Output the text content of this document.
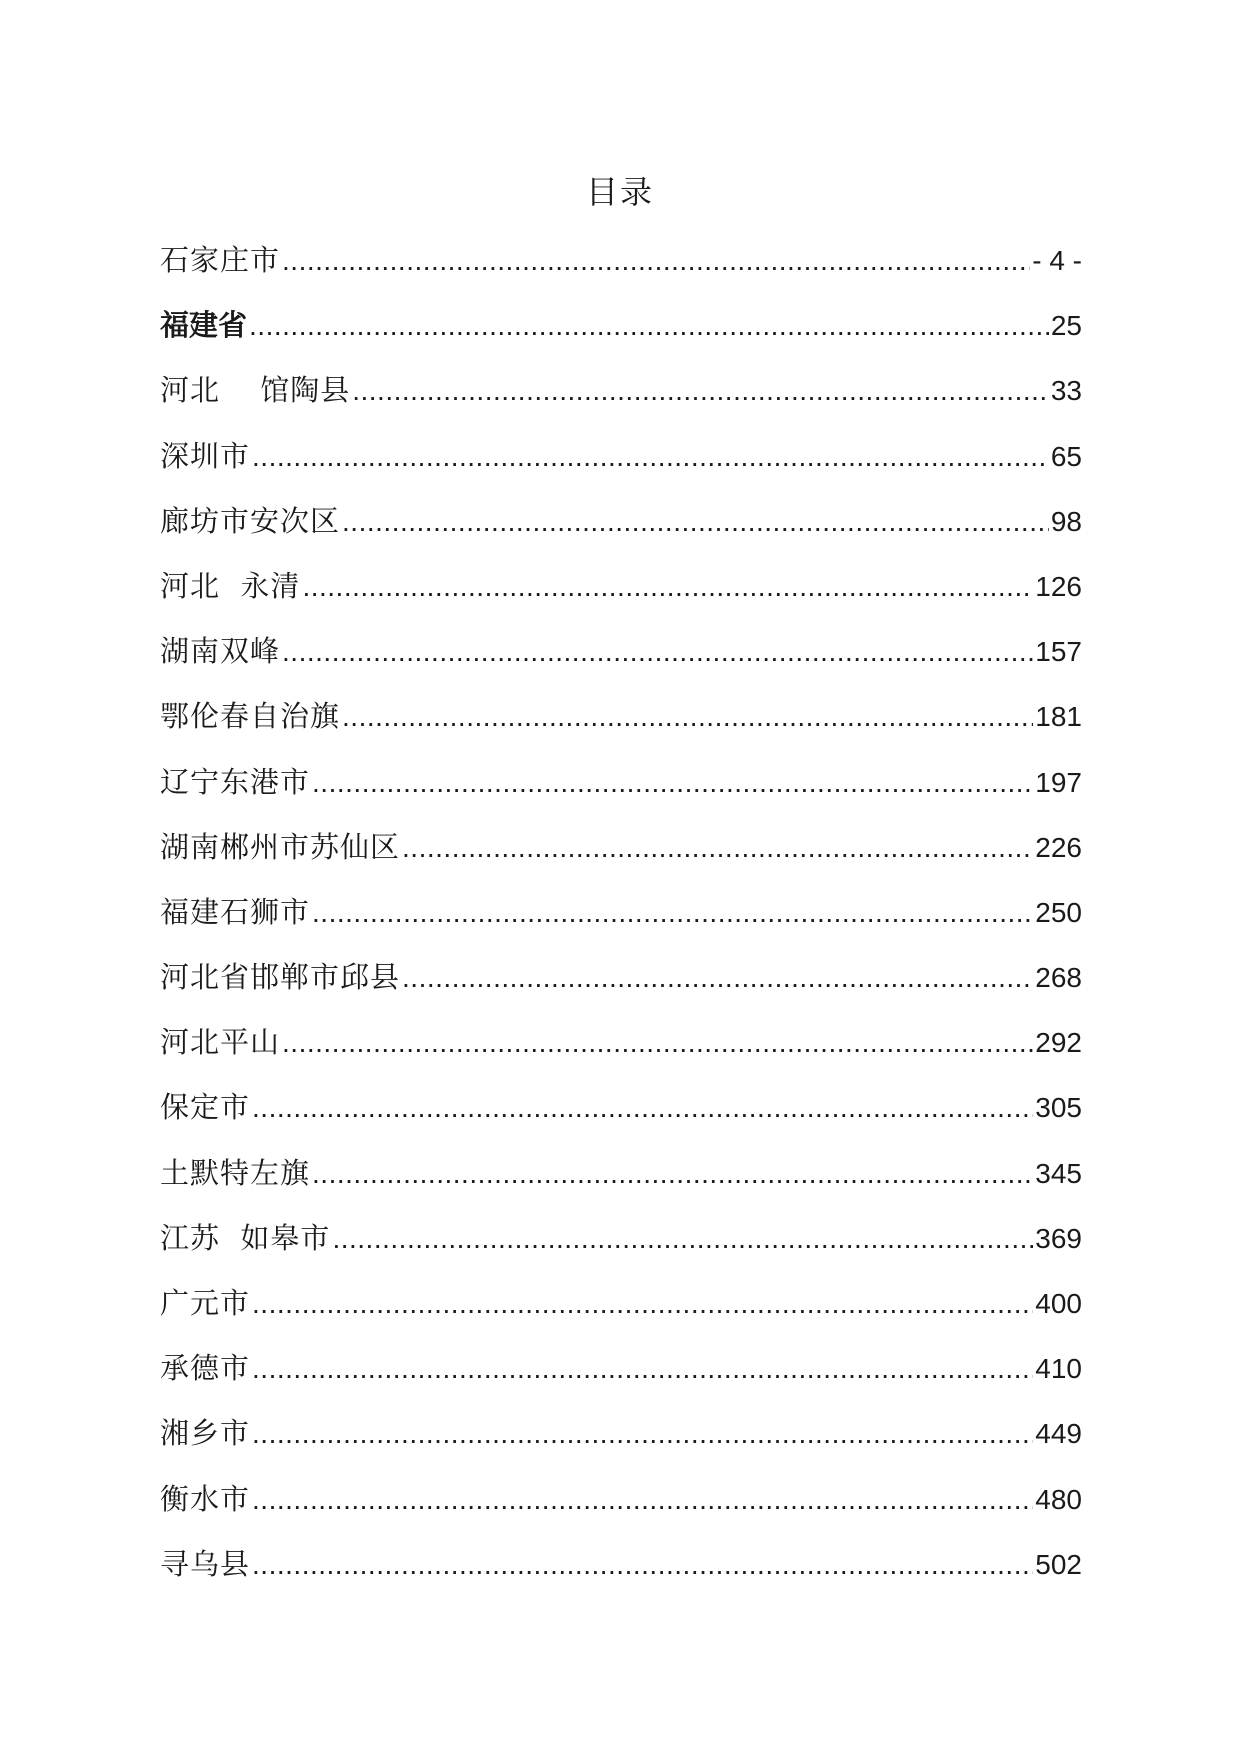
目录
石家庄市 .....	- 4 -
福建省 .....	25
河北　 馆陶县 .....	33
深圳市 .....	65
廊坊市安次区 .....	98
河北  永清 .....	126
湖南双峰 .....	157
鄂伦春自治旗 .....	181
辽宁东港市 .....	197
湖南郴州市苏仙区 .....	226
福建石狮市 .....	250
河北省邯郸市邱县 .....	268
河北平山 .....	292
保定市 .....	305
土默特左旗 .....	345
江苏  如皋市 .....	369
广元市 .....	400
承德市 .....	410
湘乡市 .....	449
衡水市 .....	480
寻乌县 .....	502
